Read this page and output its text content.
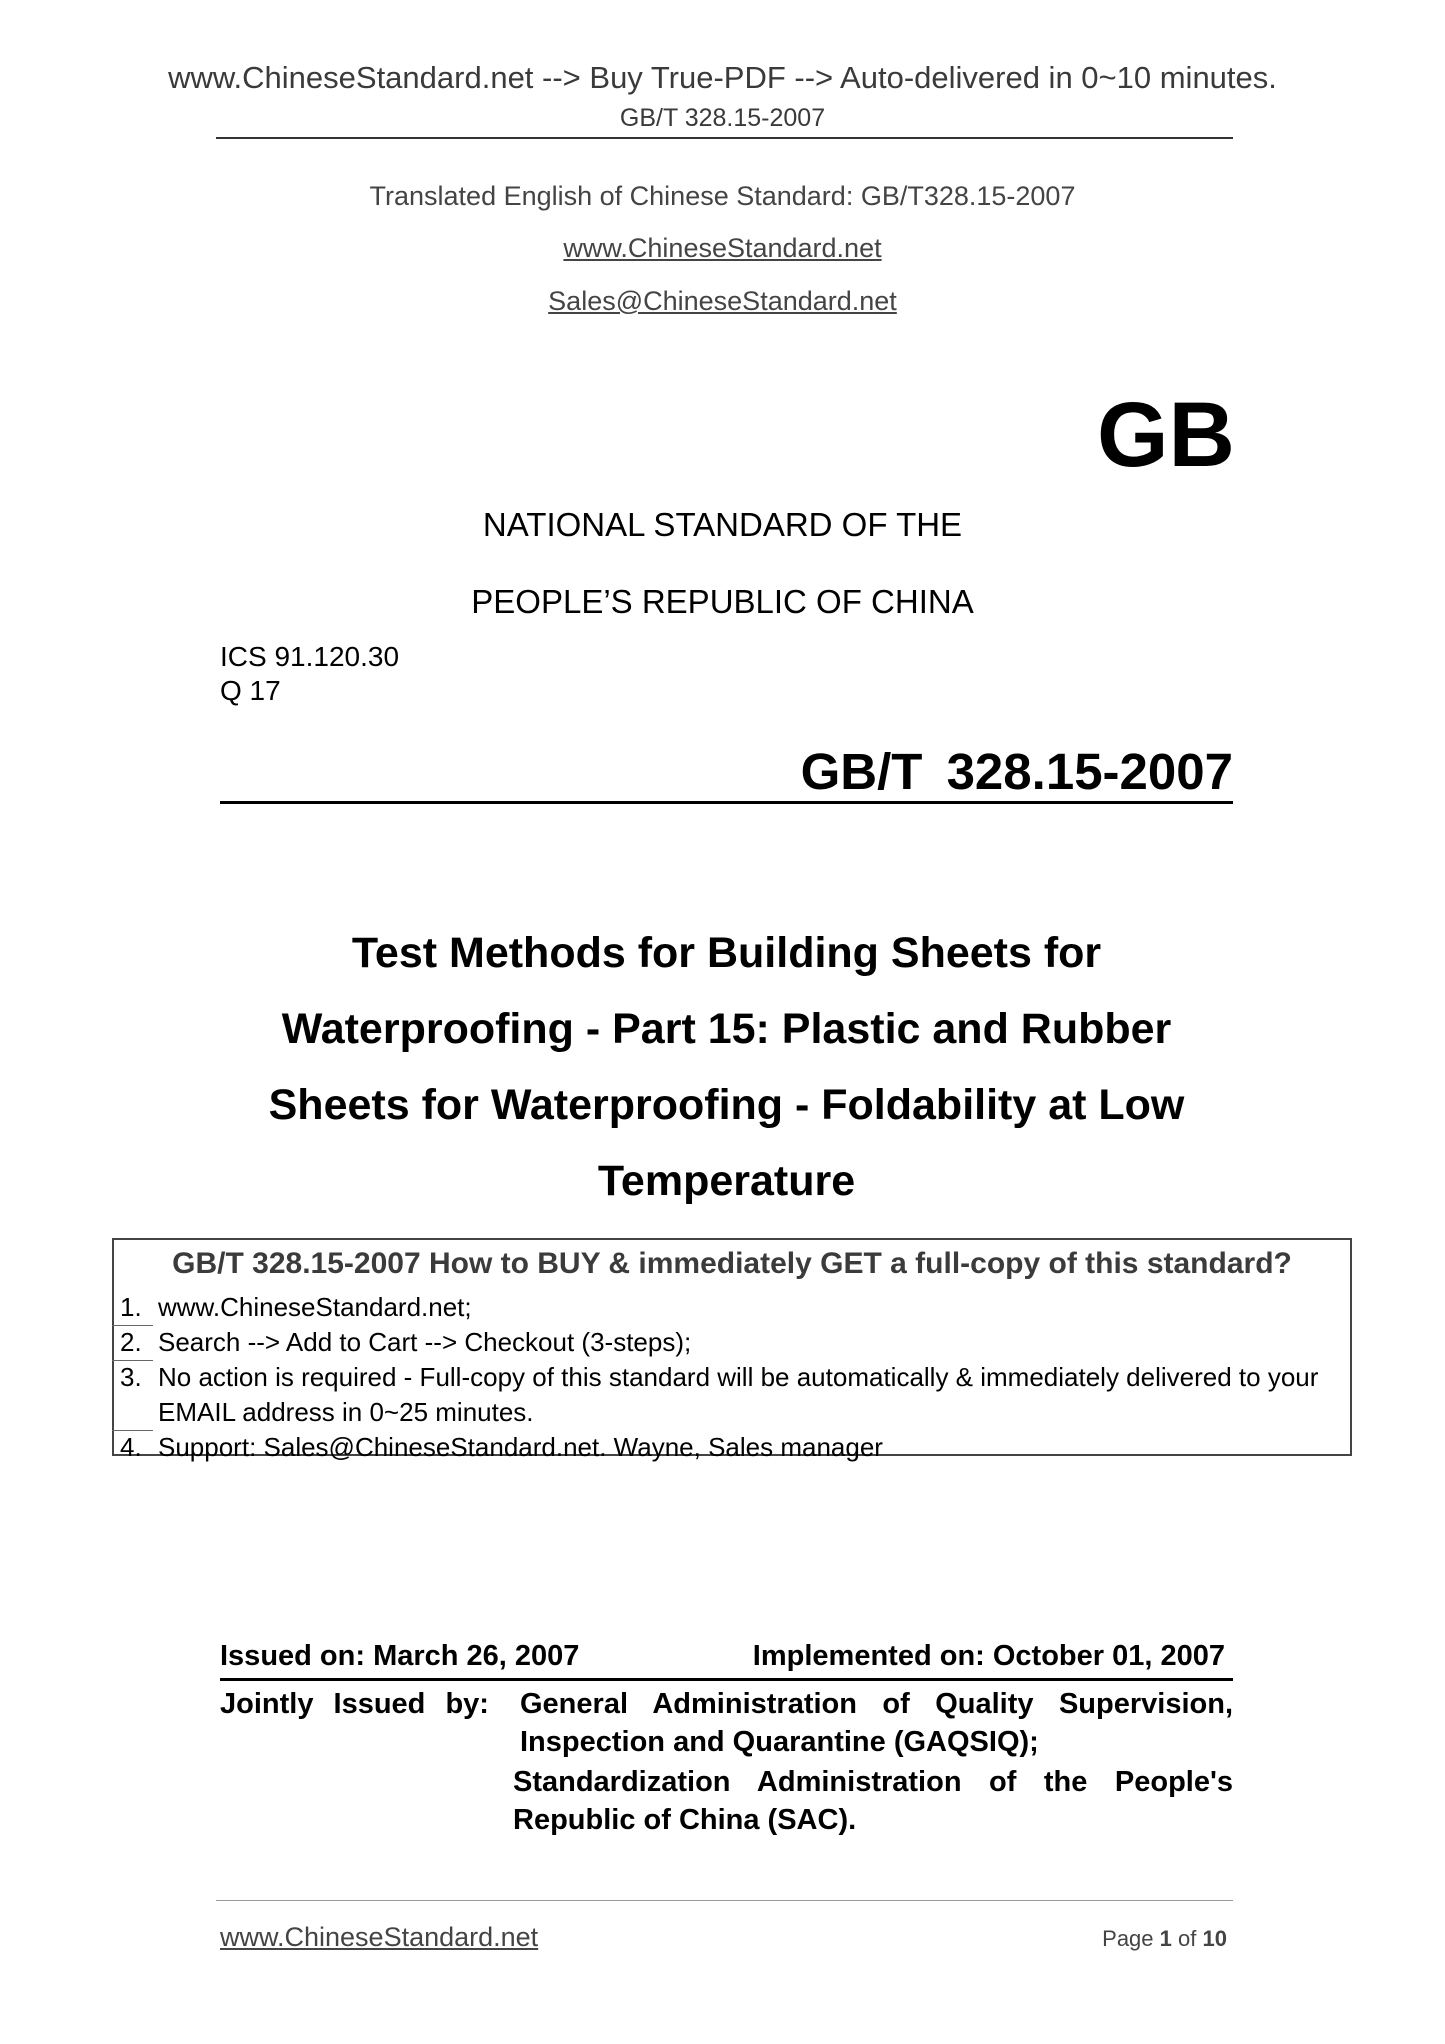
www.ChineseStandard.net --> Buy True-PDF --> Auto-delivered in 0~10 minutes.
GB/T 328.15-2007
Translated English of Chinese Standard: GB/T328.15-2007
www.ChineseStandard.net
Sales@ChineseStandard.net
GB
NATIONAL STANDARD OF THE
PEOPLE’S REPUBLIC OF CHINA
ICS 91.120.30
Q 17
GB/T 328.15-2007
Test Methods for Building Sheets for
Waterproofing - Part 15: Plastic and Rubber
Sheets for Waterproofing - Foldability at Low
Temperature
GB/T 328.15-2007 How to BUY & immediately GET a full-copy of this standard?
1. www.ChineseStandard.net;
2. Search --> Add to Cart --> Checkout (3-steps);
3. No action is required - Full-copy of this standard will be automatically & immediately delivered to your EMAIL address in 0~25 minutes.
4. Support: Sales@ChineseStandard.net. Wayne, Sales manager
Issued on: March 26, 2007	Implemented on: October 01, 2007
Jointly Issued by: General Administration of Quality Supervision,
Inspection and Quarantine (GAQSIQ);
Standardization Administration of the People's
Republic of China (SAC).
www.ChineseStandard.net	Page 1 of 10
